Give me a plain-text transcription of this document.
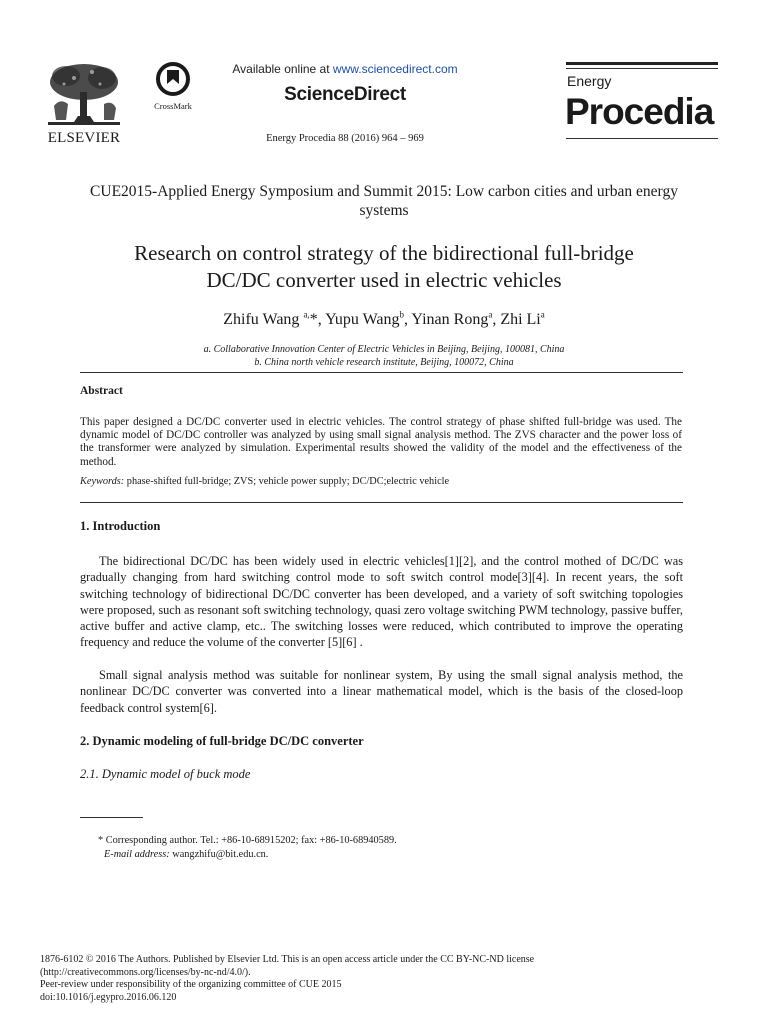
ELSEVIER
CrossMark
Available online at www.sciencedirect.com
ScienceDirect
Energy Procedia 88 (2016) 964 – 969
Energy
Procedia
CUE2015-Applied Energy Symposium and Summit 2015: Low carbon cities and urban energy systems
Research on control strategy of the bidirectional full-bridge
DC/DC converter used in electric vehicles
Zhifu Wang $^{a,}$*, Yupu Wang$^b$, Yinan Rong$^a$, Zhi Li$^a$
a. Collaborative Innovation Center of Electric Vehicles in Beijing, Beijing, 100081, China
b. China north vehicle research institute, Beijing, 100072, China
Abstract
This paper designed a DC/DC converter used in electric vehicles. The control strategy of phase shifted full-bridge was used. The dynamic model of DC/DC controller was analyzed by using small signal analysis method. The ZVS character and the power loss of the transformer were analyzed by simulation. Experimental results showed the validity of the model and the effectiveness of the method.
Keywords: phase-shifted full-bridge; ZVS; vehicle power supply; DC/DC;electric vehicle
1. Introduction
The bidirectional DC/DC has been widely used in electric vehicles[1][2], and the control mothed of DC/DC was gradually changing from hard switching control mode to soft switch control mode[3][4]. In recent years, the soft switching technology of bidirectional DC/DC converter has been developed, and a variety of soft switching topologies were proposed, such as resonant soft switching technology, quasi zero voltage switching PWM technology, passive buffer, active buffer and active clamp, etc.. The switching losses were reduced, which contributed to improve the operating frequency and reduce the volume of the converter [5][6] .
Small signal analysis method was suitable for nonlinear system, By using the small signal analysis method, the nonlinear DC/DC converter was converted into a linear mathematical model, which is the basis of the closed-loop feedback control system[6].
2. Dynamic modeling of full-bridge DC/DC converter
2.1. Dynamic model of buck mode
* Corresponding author. Tel.: +86-10-68915202; fax: +86-10-68940589.
E-mail address: wangzhifu@bit.edu.cn.
1876-6102 © 2016 The Authors. Published by Elsevier Ltd. This is an open access article under the CC BY-NC-ND license
(http://creativecommons.org/licenses/by-nc-nd/4.0/).
Peer-review under responsibility of the organizing committee of CUE 2015
doi:10.1016/j.egypro.2016.06.120
